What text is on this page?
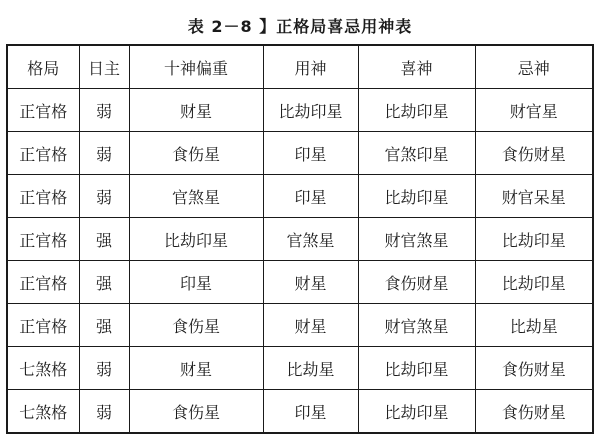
表 2－8 】正格局喜忌用神表
格局	日主	十神偏重	用神	喜神	忌神
正官格	弱	财星	比劫印星	比劫印星	财官星
正官格	弱	食伤星	印星	官煞印星	食伤财星
正官格	弱	官煞星	印星	比劫印星	财官呆星
正官格	强	比劫印星	官煞星	财官煞星	比劫印星
正官格	强	印星	财星	食伤财星	比劫印星
正官格	强	食伤星	财星	财官煞星	比劫星
七煞格	弱	财星	比劫星	比劫印星	食伤财星
七煞格	弱	食伤星	印星	比劫印星	食伤财星
